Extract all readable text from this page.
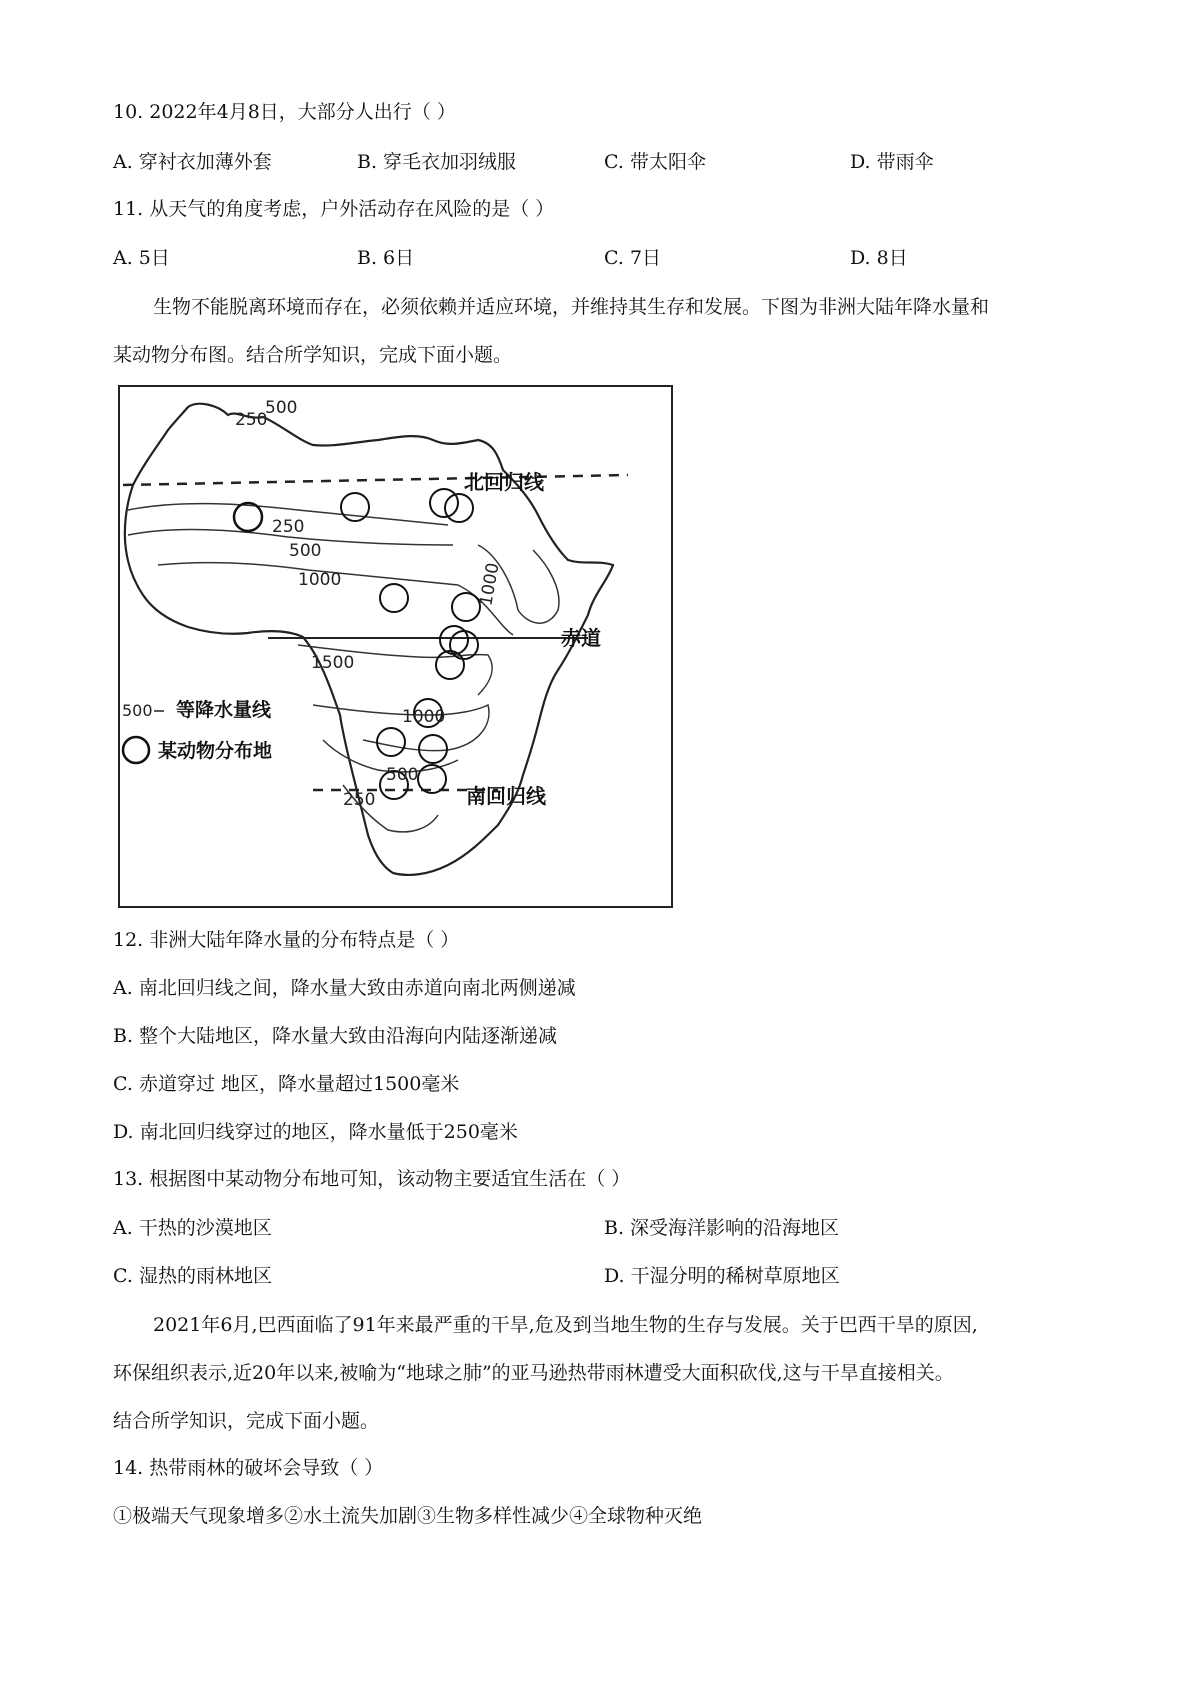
10. 2022年4月8日，大部分人出行（ ）
A. 穿衬衣加薄外套	B. 穿毛衣加羽绒服	C. 带太阳伞	D. 带雨伞
11. 从天气的角度考虑，户外活动存在风险的是（ ）
A. 5日	B. 6日	C. 7日	D. 8日
生物不能脱离环境而存在，必须依赖并适应环境，并维持其生存和发展。下图为非洲大陆年降水量和
某动物分布图。结合所学知识，完成下面小题。
500
250
250
500
1000	1000
1500
1000
500
250
北回归线
赤道
南回归线
500 等降水量线
某动物分布地
12. 非洲大陆年降水量的分布特点是（ ）
A. 南北回归线之间，降水量大致由赤道向南北两侧递减
B. 整个大陆地区，降水量大致由沿海向内陆逐渐递减
C. 赤道穿过 地区，降水量超过1500毫米
D. 南北回归线穿过的地区，降水量低于250毫米
13. 根据图中某动物分布地可知，该动物主要适宜生活在（ ）
A. 干热的沙漠地区	B. 深受海洋影响的沿海地区
C. 湿热的雨林地区	D. 干湿分明的稀树草原地区
2021年6月,巴西面临了91年来最严重的干旱,危及到当地生物的生存与发展。关于巴西干旱的原因,
环保组织表示,近20年以来,被喻为“地球之肺”的亚马逊热带雨林遭受大面积砍伐,这与干旱直接相关。
结合所学知识，完成下面小题。
14. 热带雨林的破坏会导致（ ）
①极端天气现象增多②水土流失加剧③生物多样性减少④全球物种灭绝
